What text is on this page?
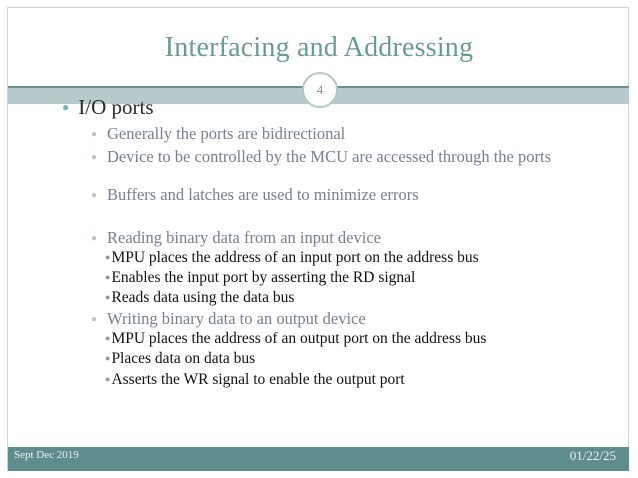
Interfacing and Addressing
4
● I/O ports
● Generally the ports are bidirectional
● Device to be controlled by the MCU are accessed through the ports
● Buffers and latches are used to minimize errors
● Reading binary data from an input device
●MPU places the address of an input port on the address bus
●Enables the input port by asserting the RD signal
●Reads data using the data bus
● Writing binary data to an output device
●MPU places the address of an output port on the address bus
●Places data on data bus
●Asserts the WR signal to enable the output port
Sept Dec 2019	01/22/25
